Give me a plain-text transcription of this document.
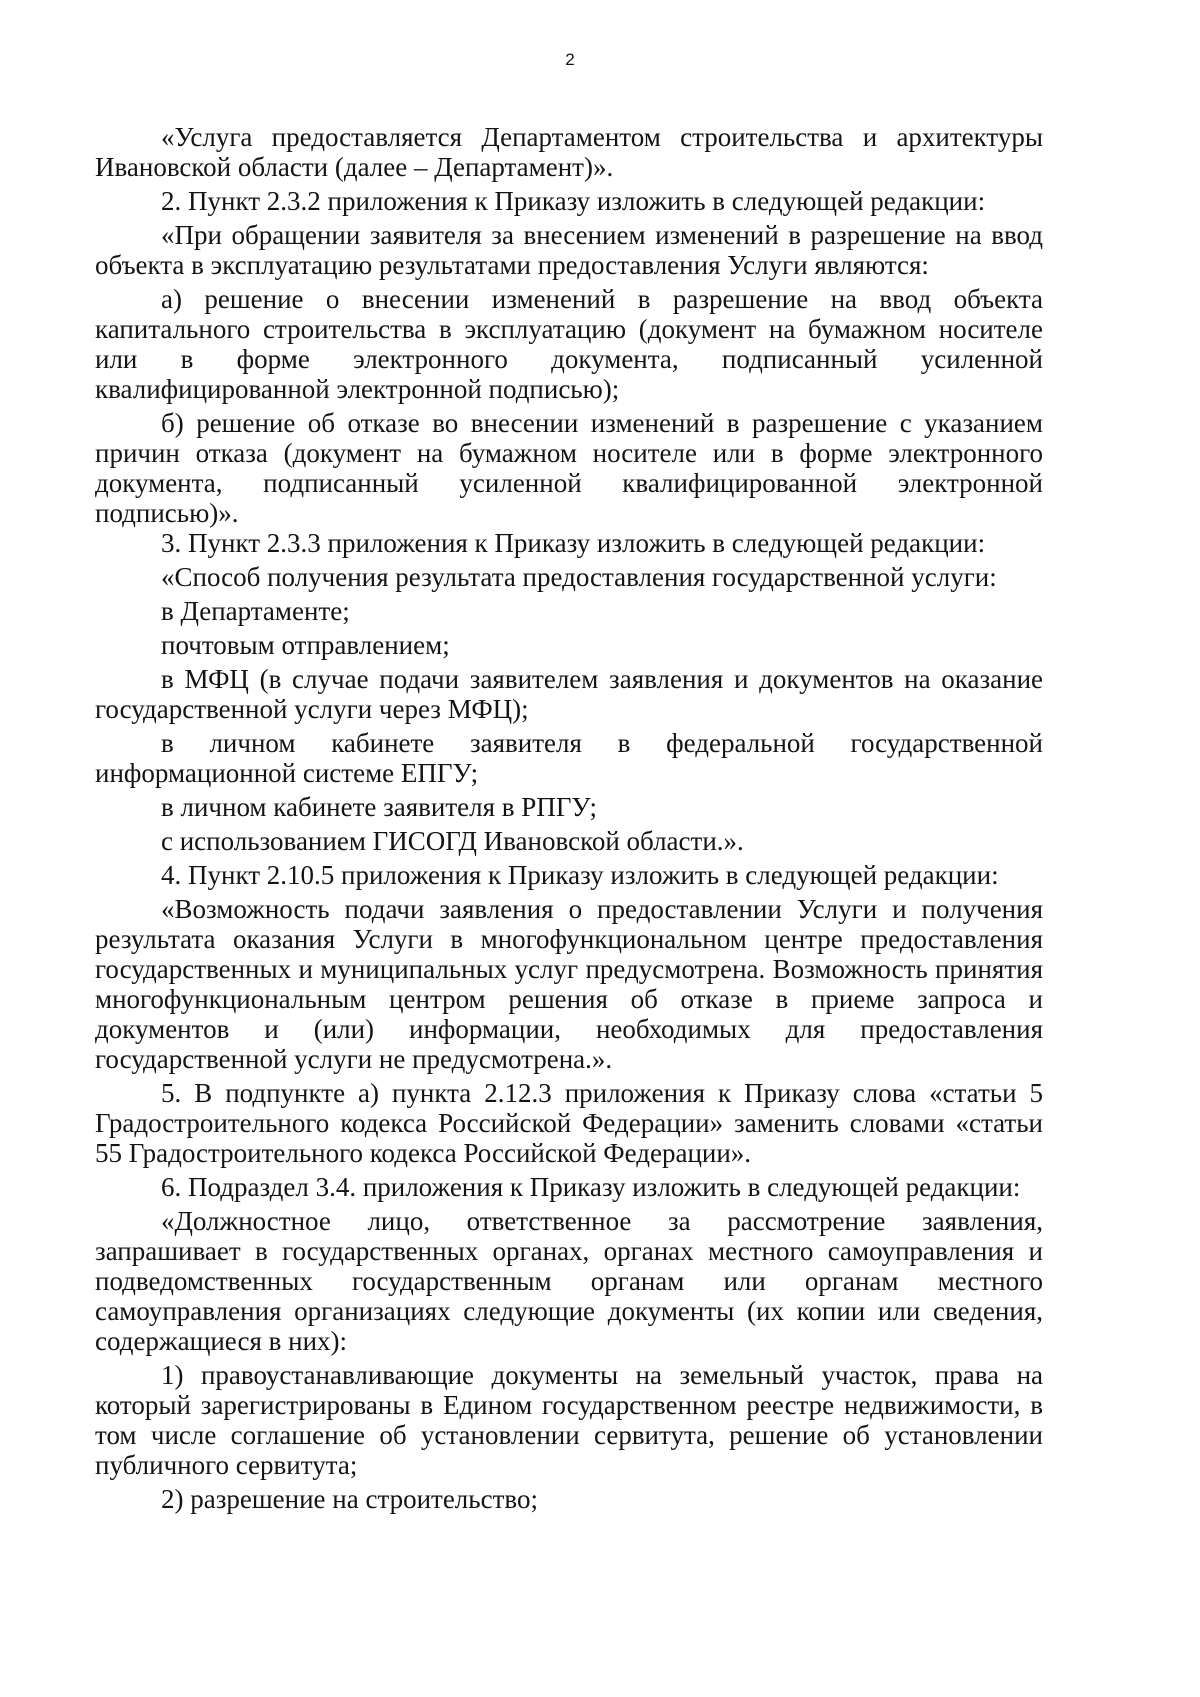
2

«Услуга предоставляется Департаментом строительства и архитектуры Ивановской области (далее – Департамент)».

2. Пункт 2.3.2 приложения к Приказу изложить в следующей редакции:

«При обращении заявителя за внесением изменений в разрешение на ввод объекта в эксплуатацию результатами предоставления Услуги являются:

а) решение о внесении изменений в разрешение на ввод объекта капитального строительства в эксплуатацию (документ на бумажном носителе или в форме электронного документа, подписанный усиленной квалифицированной электронной подписью);

б) решение об отказе во внесении изменений в разрешение с указанием причин отказа (документ на бумажном носителе или в форме электронного документа, подписанный усиленной квалифицированной электронной подписью)».

3. Пункт 2.3.3 приложения к Приказу изложить в следующей редакции:

«Способ получения результата предоставления государственной услуги:

в Департаменте;

почтовым отправлением;

в МФЦ (в случае подачи заявителем заявления и документов на оказание государственной услуги через МФЦ);

в личном кабинете заявителя в федеральной государственной информационной системе ЕПГУ;

в личном кабинете заявителя в РПГУ;

с использованием ГИСОГД Ивановской области.».

4. Пункт 2.10.5 приложения к Приказу изложить в следующей редакции:

«Возможность подачи заявления о предоставлении Услуги и получения результата оказания Услуги в многофункциональном центре предоставления государственных и муниципальных услуг предусмотрена. Возможность принятия многофункциональным центром решения об отказе в приеме запроса и документов и (или) информации, необходимых для предоставления государственной услуги не предусмотрена.».

5. В подпункте а) пункта 2.12.3 приложения к Приказу слова «статьи 5 Градостроительного кодекса Российской Федерации» заменить словами «статьи 55 Градостроительного кодекса Российской Федерации».

6. Подраздел 3.4. приложения к Приказу изложить в следующей редакции:

«Должностное лицо, ответственное за рассмотрение заявления, запрашивает в государственных органах, органах местного самоуправления и подведомственных государственным органам или органам местного самоуправления организациях следующие документы (их копии или сведения, содержащиеся в них):

1) правоустанавливающие документы на земельный участок, права на который зарегистрированы в Едином государственном реестре недвижимости, в том числе соглашение об установлении сервитута, решение об установлении публичного сервитута;

2) разрешение на строительство;
